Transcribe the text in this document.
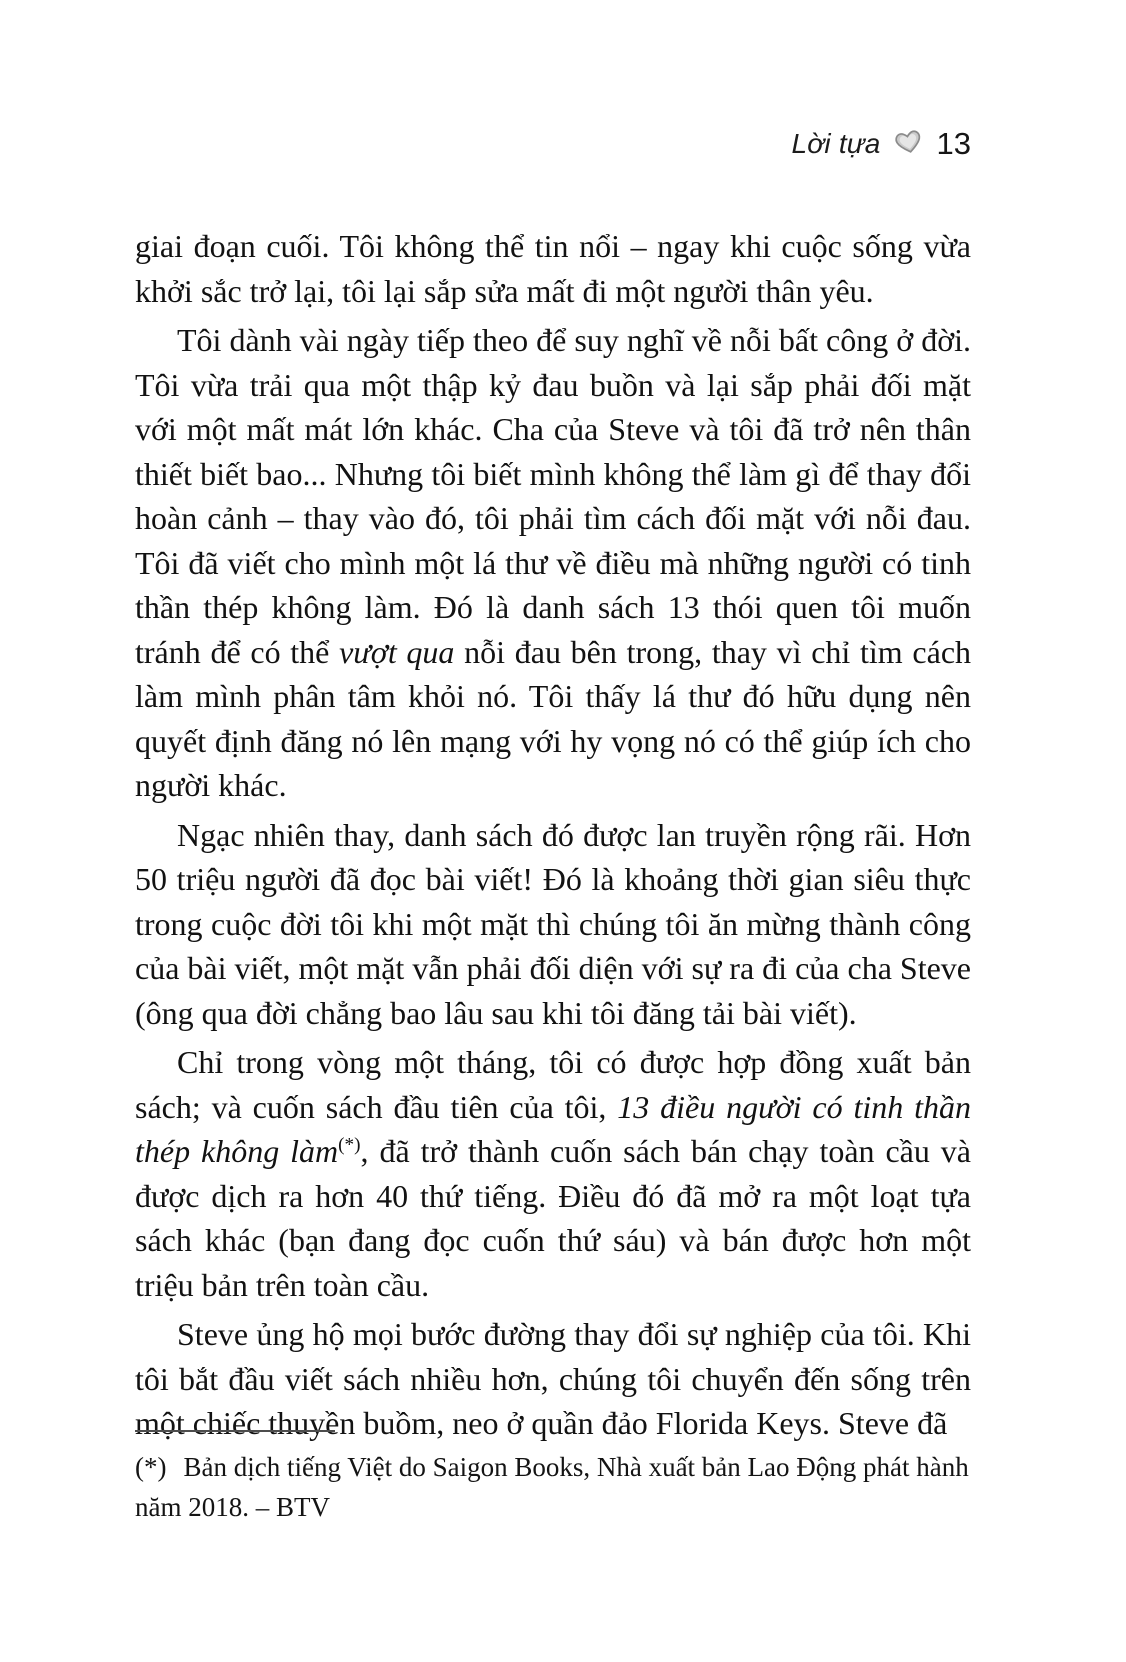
Lời tựa 13

giai đoạn cuối. Tôi không thể tin nổi – ngay khi cuộc sống vừa khởi sắc trở lại, tôi lại sắp sửa mất đi một người thân yêu.

Tôi dành vài ngày tiếp theo để suy nghĩ về nỗi bất công ở đời. Tôi vừa trải qua một thập kỷ đau buồn và lại sắp phải đối mặt với một mất mát lớn khác. Cha của Steve và tôi đã trở nên thân thiết biết bao... Nhưng tôi biết mình không thể làm gì để thay đổi hoàn cảnh – thay vào đó, tôi phải tìm cách đối mặt với nỗi đau. Tôi đã viết cho mình một lá thư về điều mà những người có tinh thần thép không làm. Đó là danh sách 13 thói quen tôi muốn tránh để có thể vượt qua nỗi đau bên trong, thay vì chỉ tìm cách làm mình phân tâm khỏi nó. Tôi thấy lá thư đó hữu dụng nên quyết định đăng nó lên mạng với hy vọng nó có thể giúp ích cho người khác.

Ngạc nhiên thay, danh sách đó được lan truyền rộng rãi. Hơn 50 triệu người đã đọc bài viết! Đó là khoảng thời gian siêu thực trong cuộc đời tôi khi một mặt thì chúng tôi ăn mừng thành công của bài viết, một mặt vẫn phải đối diện với sự ra đi của cha Steve (ông qua đời chẳng bao lâu sau khi tôi đăng tải bài viết).

Chỉ trong vòng một tháng, tôi có được hợp đồng xuất bản sách; và cuốn sách đầu tiên của tôi, 13 điều người có tinh thần thép không làm(*), đã trở thành cuốn sách bán chạy toàn cầu và được dịch ra hơn 40 thứ tiếng. Điều đó đã mở ra một loạt tựa sách khác (bạn đang đọc cuốn thứ sáu) và bán được hơn một triệu bản trên toàn cầu.

Steve ủng hộ mọi bước đường thay đổi sự nghiệp của tôi. Khi tôi bắt đầu viết sách nhiều hơn, chúng tôi chuyển đến sống trên một chiếc thuyền buồm, neo ở quần đảo Florida Keys. Steve đã

(*) Bản dịch tiếng Việt do Saigon Books, Nhà xuất bản Lao Động phát hành năm 2018. – BTV
